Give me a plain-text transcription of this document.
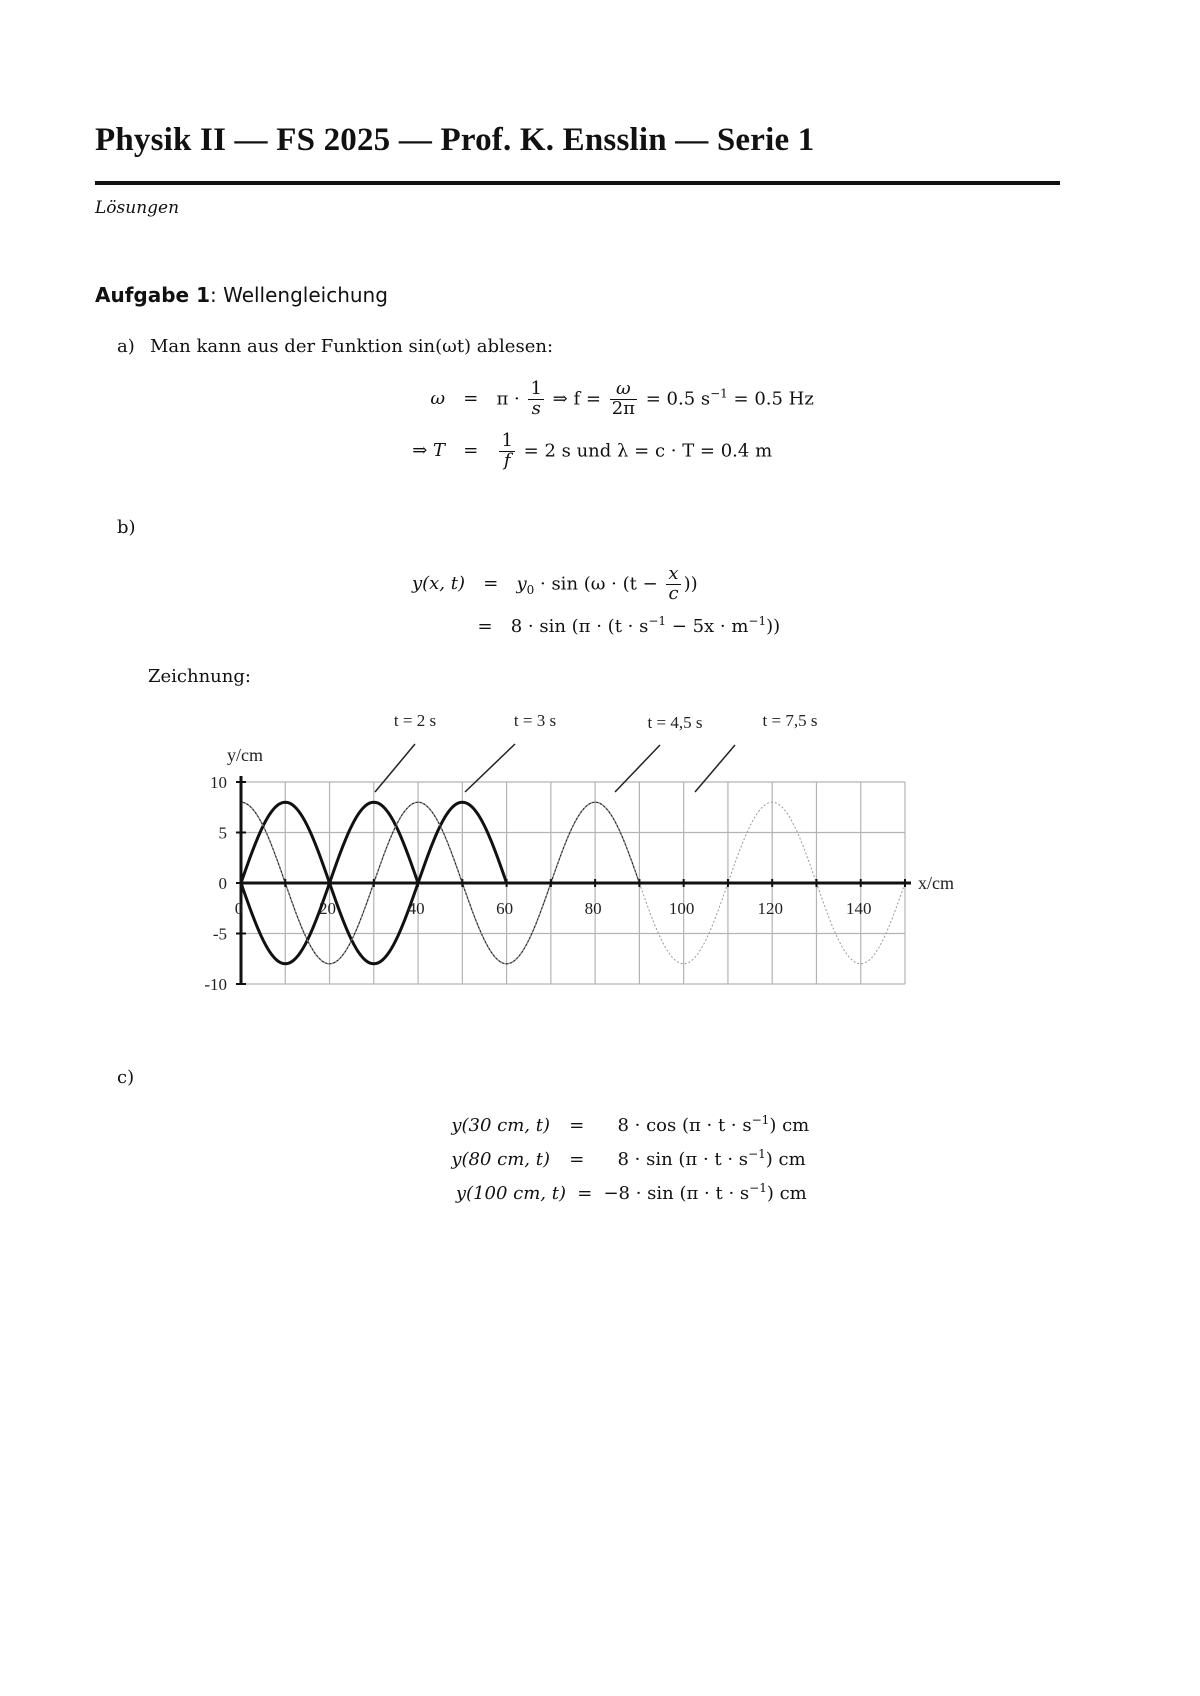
Physik II — FS 2025 — Prof. K. Ensslin — Serie 1
Lösungen
Aufgabe 1: Wellengleichung
a) Man kann aus der Funktion sin(ωt) ablesen:
$\omega = \pi \cdot \frac{1}{s}$ ⇒ $f = \frac{\omega}{2\pi} = 0.5$ $s^{-1} = 0.5$ Hz
⇒ $T = \frac{1}{f} = 2$ s und λ = c · T = 0.4 m
b)
y(x, $t) = y_0 \cdot \sin (\omega \cdot (t - \frac{x}{c}$ ))
= $8 \cdot \sin (\pi \cdot (t \cdot s^{-1} - 5x \cdot m^{-1}))$
Zeichnung:
0	20	40	60	80	100	120	140
10
5
0
-5
-10
y/cm
x/cm
t = 2 s	t = 3 s	t = 4,5 s	t = 7,5 s
c)
y(30 cm, $t) = 8 \cdot \cos (\pi \cdot t \cdot s^{-1})$ cm
y(80 cm, $t) = 8 \cdot \sin (\pi \cdot t \cdot s^{-1})$ cm
y(100 cm, $t) = -8 \cdot \sin (\pi \cdot t \cdot s^{-1})$ cm
